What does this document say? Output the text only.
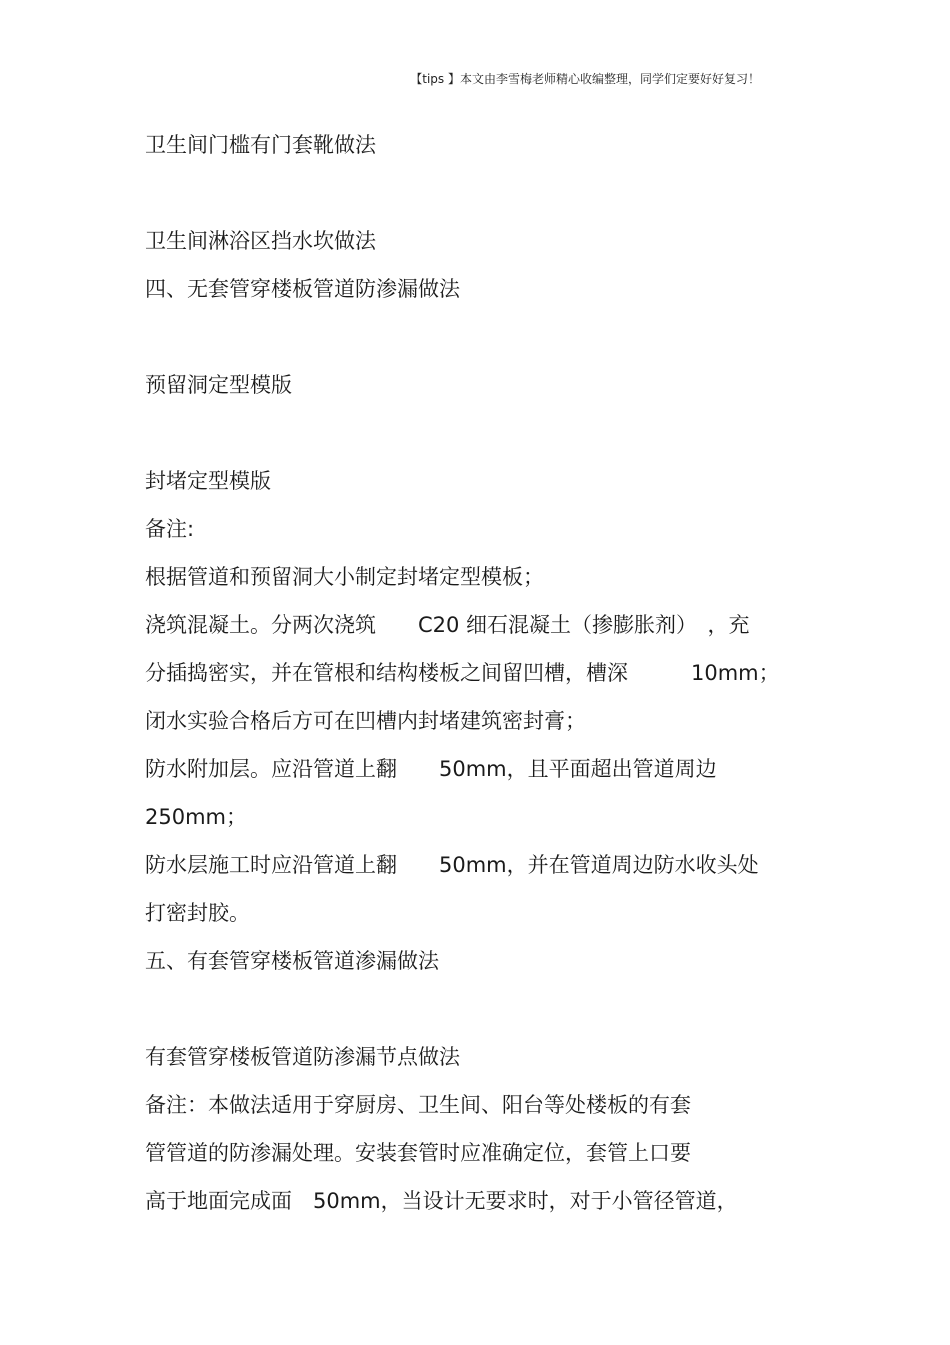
【tips 】本文由李雪梅老师精心收编整理，同学们定要好好复习！
卫生间门槛有门套靴做法
卫生间淋浴区挡水坎做法
四、无套管穿楼板管道防渗漏做法
预留洞定型模版
封堵定型模版
备注:
根据管道和预留洞大小制定封堵定型模板；
浇筑混凝土。分两次浇筑　　C20 细石混凝土（掺膨胀剂）　，充
分插捣密实，并在管根和结构楼板之间留凹槽，槽深　　　10mm；
闭水实验合格后方可在凹槽内封堵建筑密封膏；
防水附加层。应沿管道上翻　　50mm，且平面超出管道周边
250mm；
防水层施工时应沿管道上翻　　50mm，并在管道周边防水收头处
打密封胶。
五、有套管穿楼板管道渗漏做法
有套管穿楼板管道防渗漏节点做法
备注：本做法适用于穿厨房、卫生间、阳台等处楼板的有套
管管道的防渗漏处理。安装套管时应准确定位，套管上口要
高于地面完成面　50mm，当设计无要求时，对于小管径管道，
